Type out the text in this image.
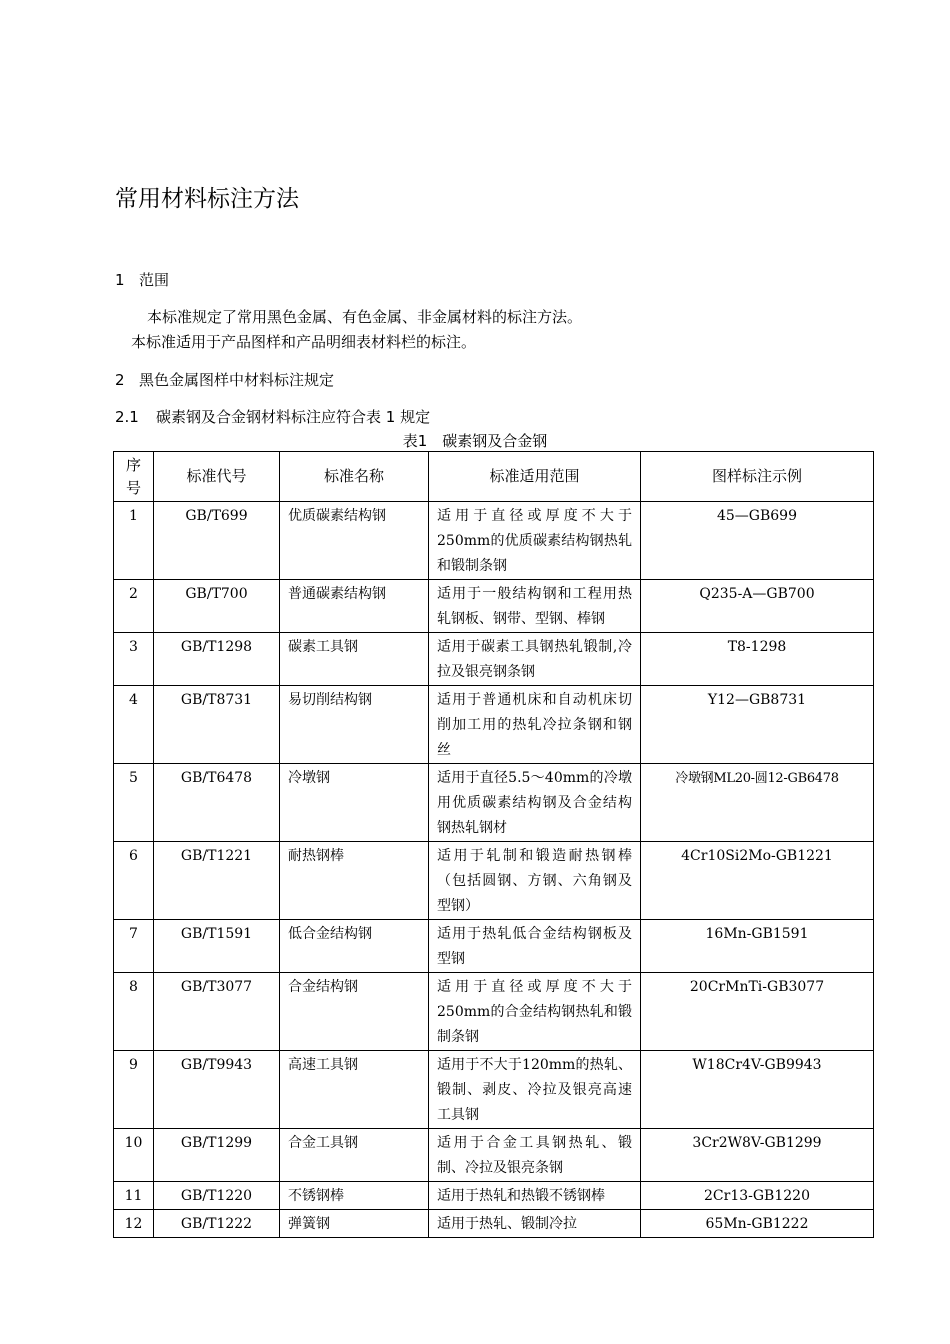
常用材料标注方法
1 范围
本标准规定了常用黑色金属、有色金属、非金属材料的标注方法。
本标准适用于产品图样和产品明细表材料栏的标注。
2 黑色金属图样中材料标注规定
2.1 碳素钢及合金钢材料标注应符合表 1 规定
表1　碳素钢及合金钢
序号	标准代号	标准名称	标准适用范围	图样标注示例
1	GB/T699	优质碳素结构钢	适用于直径或厚度不大于250mm的优质碳素结构钢热轧和锻制条钢	45—GB699
2	GB/T700	普通碳素结构钢	适用于一般结构钢和工程用热轧钢板、钢带、型钢、棒钢	Q235-A—GB700
3	GB/T1298	碳素工具钢	适用于碳素工具钢热轧锻制,冷拉及银亮钢条钢	T8-1298
4	GB/T8731	易切削结构钢	适用于普通机床和自动机床切削加工用的热轧冷拉条钢和钢丝	Y12—GB8731
5	GB/T6478	冷墩钢	适用于直径5.5～40mm的冷墩用优质碳素结构钢及合金结构钢热轧钢材	冷墩钢ML20-圆12-GB6478
6	GB/T1221	耐热钢棒	适用于轧制和锻造耐热钢棒（包括圆钢、方钢、六角钢及型钢）	4Cr10Si2Mo-GB1221
7	GB/T1591	低合金结构钢	适用于热轧低合金结构钢板及型钢	16Mn-GB1591
8	GB/T3077	合金结构钢	适用于直径或厚度不大于250mm的合金结构钢热轧和锻制条钢	20CrMnTi-GB3077
9	GB/T9943	高速工具钢	适用于不大于120mm的热轧、锻制、剥皮、冷拉及银亮高速工具钢	W18Cr4V-GB9943
10	GB/T1299	合金工具钢	适用于合金工具钢热轧、锻制、冷拉及银亮条钢	3Cr2W8V-GB1299
11	GB/T1220	不锈钢棒	适用于热轧和热锻不锈钢棒	2Cr13-GB1220
12	GB/T1222	弹簧钢	适用于热轧、锻制冷拉	65Mn-GB1222
